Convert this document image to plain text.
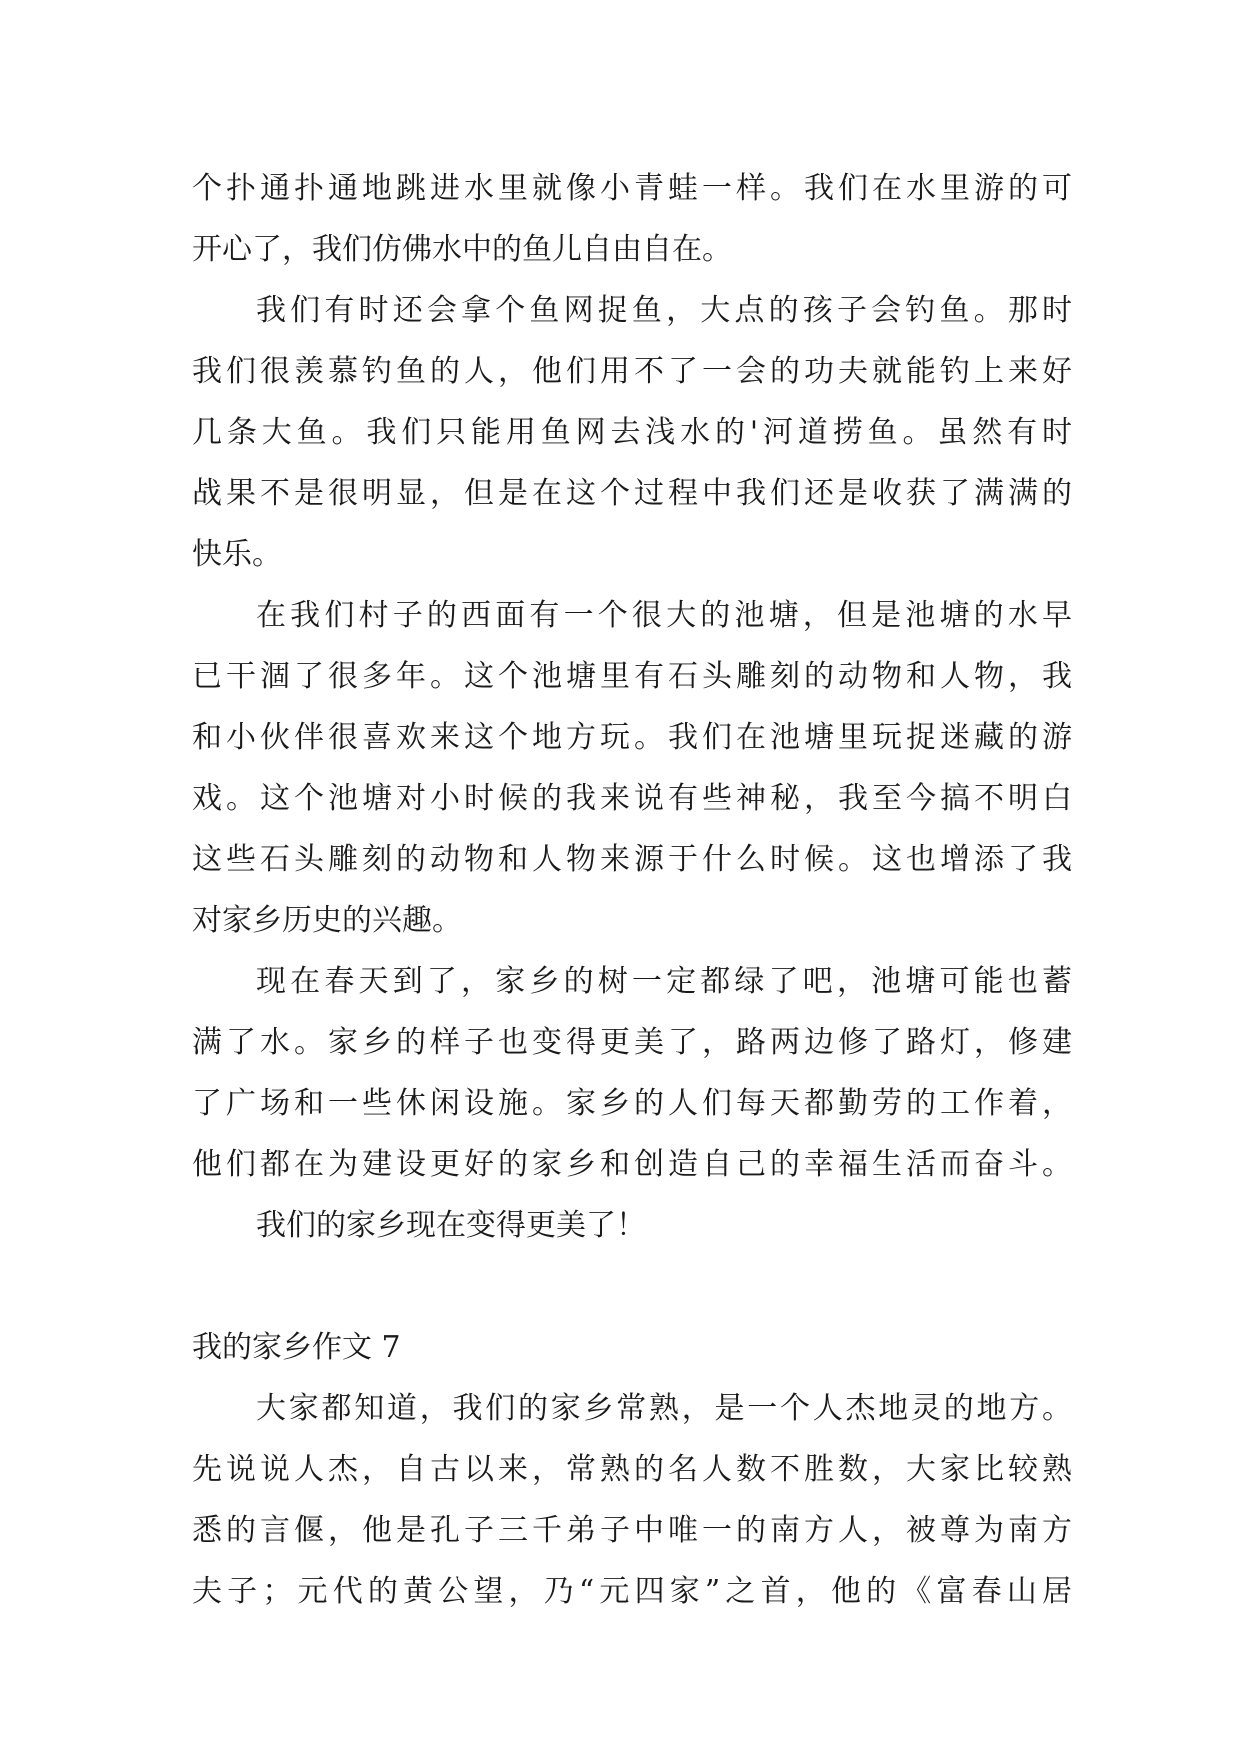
个扑通扑通地跳进水里就像小青蛙一样。我们在水里游的可
开心了，我们仿佛水中的鱼儿自由自在。
我们有时还会拿个鱼网捉鱼，大点的孩子会钓鱼。那时
我们很羡慕钓鱼的人，他们用不了一会的功夫就能钓上来好
几条大鱼。我们只能用鱼网去浅水的'河道捞鱼。虽然有时
战果不是很明显，但是在这个过程中我们还是收获了满满的
快乐。
在我们村子的西面有一个很大的池塘，但是池塘的水早
已干涸了很多年。这个池塘里有石头雕刻的动物和人物，我
和小伙伴很喜欢来这个地方玩。我们在池塘里玩捉迷藏的游
戏。这个池塘对小时候的我来说有些神秘，我至今搞不明白
这些石头雕刻的动物和人物来源于什么时候。这也增添了我
对家乡历史的兴趣。
现在春天到了，家乡的树一定都绿了吧，池塘可能也蓄
满了水。家乡的样子也变得更美了，路两边修了路灯，修建
了广场和一些休闲设施。家乡的人们每天都勤劳的工作着，
他们都在为建设更好的家乡和创造自己的幸福生活而奋斗。
我们的家乡现在变得更美了！
我的家乡作文 7
大家都知道，我们的家乡常熟，是一个人杰地灵的地方。
先说说人杰，自古以来，常熟的名人数不胜数，大家比较熟
悉的言偃，他是孔子三千弟子中唯一的南方人，被尊为南方
夫子；元代的黄公望，乃“元四家”之首，他的《富春山居
